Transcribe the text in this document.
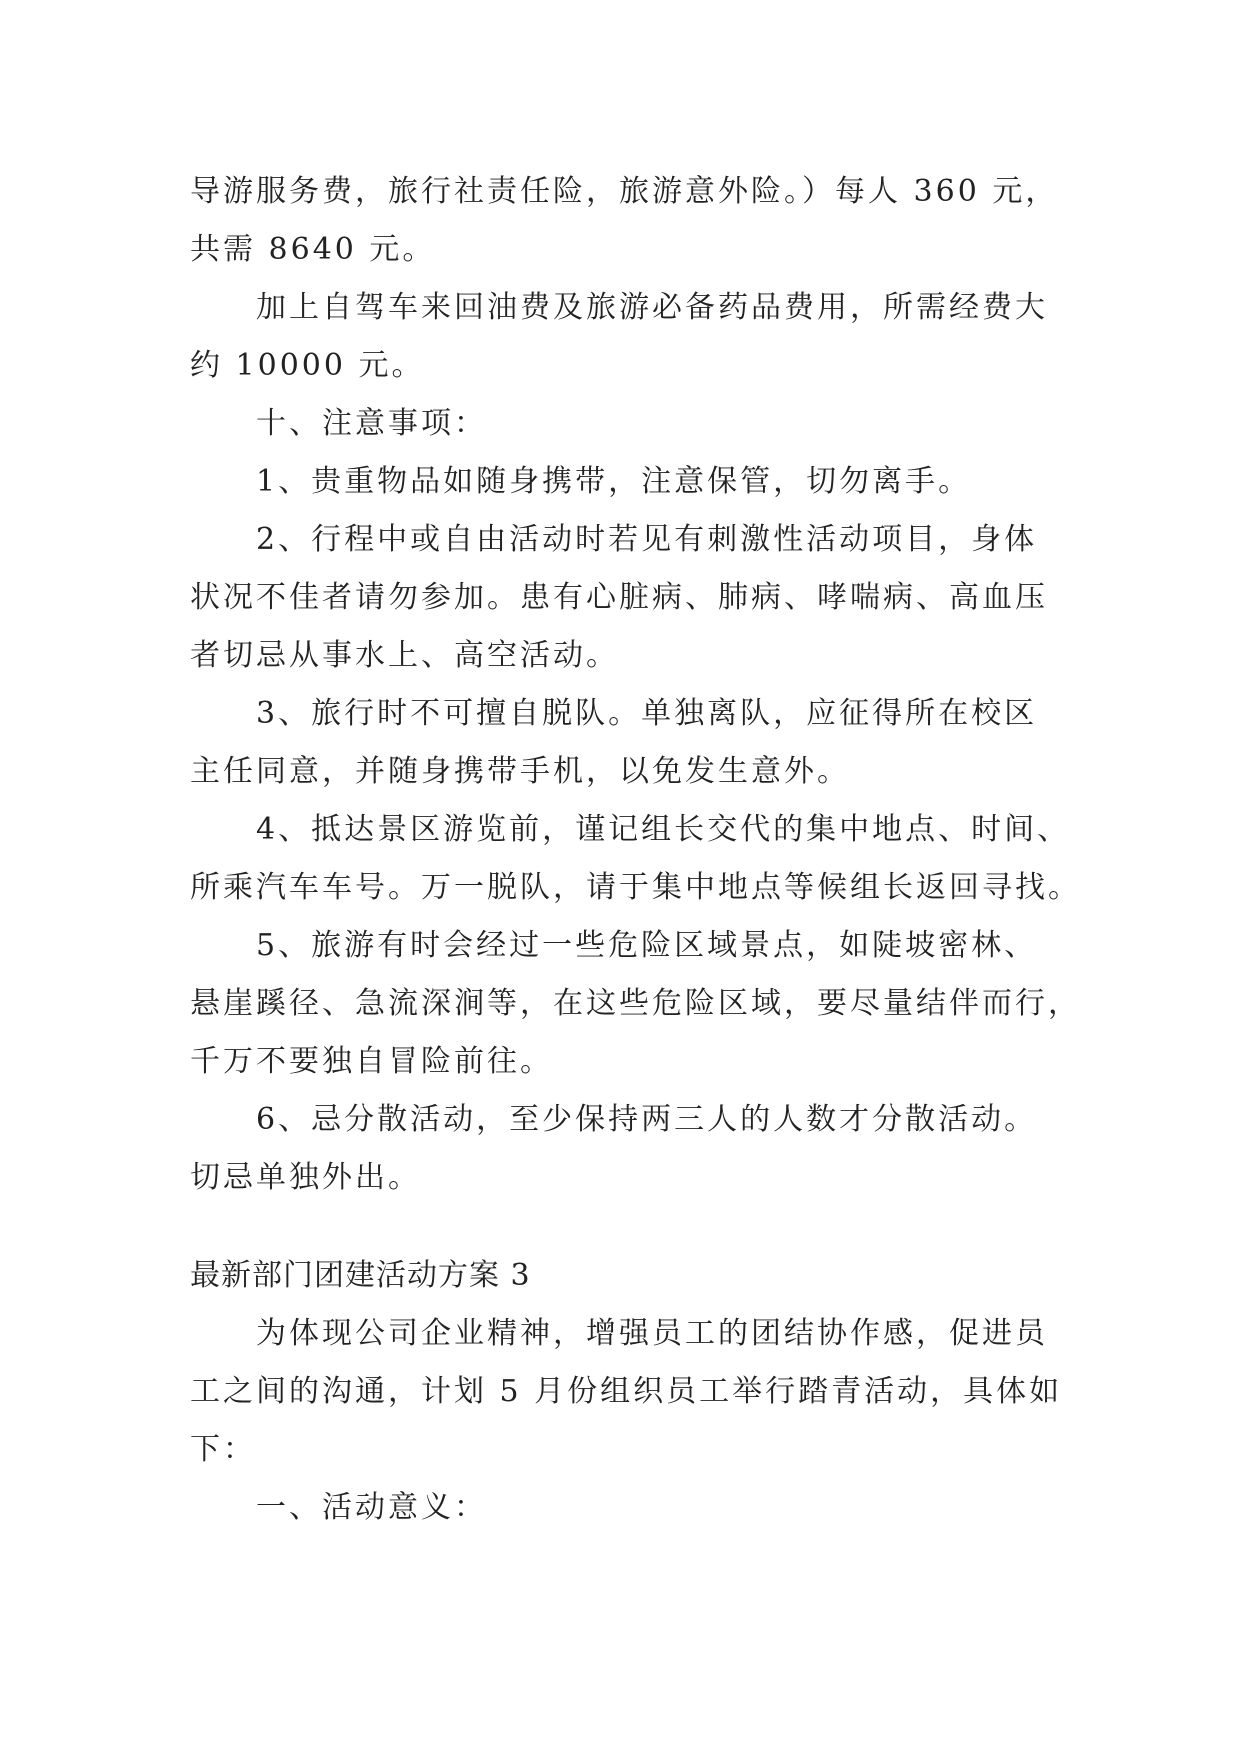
导游服务费，旅行社责任险，旅游意外险。）每人 360 元，
共需 8640 元。
加上自驾车来回油费及旅游必备药品费用，所需经费大
约 10000 元。
十、注意事项：
1、贵重物品如随身携带，注意保管，切勿离手。
2、行程中或自由活动时若见有刺激性活动项目，身体
状况不佳者请勿参加。患有心脏病、肺病、哮喘病、高血压
者切忌从事水上、高空活动。
3、旅行时不可擅自脱队。单独离队，应征得所在校区
主任同意，并随身携带手机，以免发生意外。
4、抵达景区游览前，谨记组长交代的集中地点、时间、
所乘汽车车号。万一脱队，请于集中地点等候组长返回寻找。
5、旅游有时会经过一些危险区域景点，如陡坡密林、
悬崖蹊径、急流深涧等，在这些危险区域，要尽量结伴而行，
千万不要独自冒险前往。
6、忌分散活动，至少保持两三人的人数才分散活动。
切忌单独外出。
最新部门团建活动方案 3
为体现公司企业精神，增强员工的团结协作感，促进员
工之间的沟通，计划 5 月份组织员工举行踏青活动，具体如
下：
一、活动意义：
